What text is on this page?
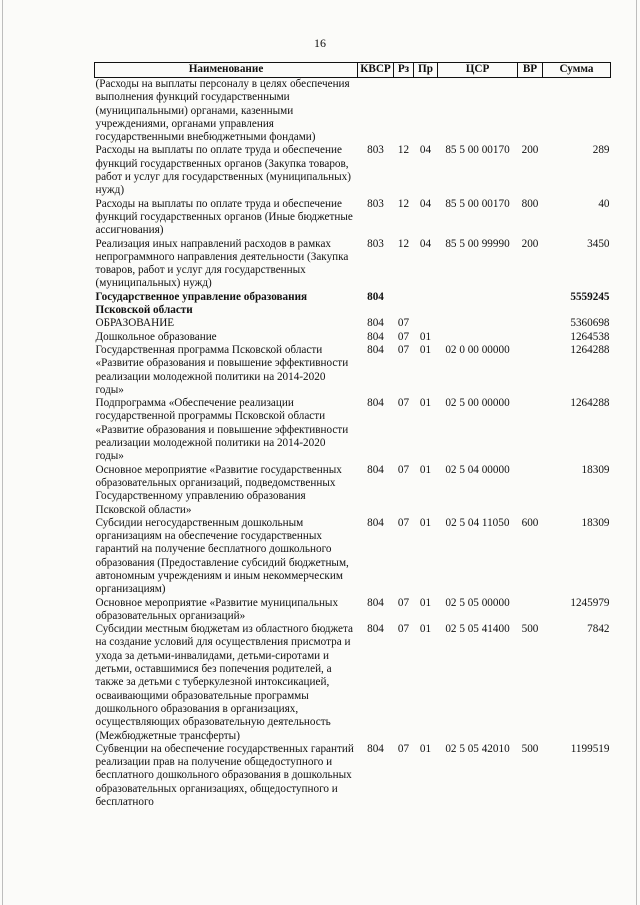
16
Наименование	КВСР	Рз	Пр	ЦСР	ВР	Сумма
(Расходы на выплаты персоналу в целях обеспечения выполнения функций государственными (муниципальными) органами, казенными учреждениями, органами управления государственными внебюджетными фондами)						
Расходы на выплаты по оплате труда и обеспечение функций государственных органов (Закупка товаров, работ и услуг для государственных (муниципальных) нужд)	803	12	04	85 5 00 00170	200	289
Расходы на выплаты по оплате труда и обеспечение функций государственных органов (Иные бюджетные ассигнования)	803	12	04	85 5 00 00170	800	40
Реализация иных направлений расходов в рамках непрограммного направления деятельности (Закупка товаров, работ и услуг для государственных (муниципальных) нужд)	803	12	04	85 5 00 99990	200	3450
Государственное управление образования Псковской области	804					5559245
ОБРАЗОВАНИЕ	804	07				5360698
Дошкольное образование	804	07	01			1264538
Государственная программа Псковской области «Развитие образования и повышение эффективности реализации молодежной политики на 2014-2020 годы»	804	07	01	02 0 00 00000		1264288
Подпрограмма «Обеспечение реализации государственной программы Псковской области «Развитие образования и повышение эффективности реализации молодежной политики на 2014-2020 годы»	804	07	01	02 5 00 00000		1264288
Основное мероприятие «Развитие государственных образовательных организаций, подведомственных Государственному управлению образования Псковской области»	804	07	01	02 5 04 00000		18309
Субсидии негосударственным дошкольным организациям на обеспечение государственных гарантий на получение бесплатного дошкольного образования (Предоставление субсидий бюджетным, автономным учреждениям и иным некоммерческим организациям)	804	07	01	02 5 04 11050	600	18309
Основное мероприятие «Развитие муниципальных образовательных организаций»	804	07	01	02 5 05 00000		1245979
Субсидии местным бюджетам из областного бюджета на создание условий для осуществления присмотра и ухода за детьми-инвалидами, детьми-сиротами и детьми, оставшимися без попечения родителей, а также за детьми с туберкулезной интоксикацией, осваивающими образовательные программы дошкольного образования в организациях, осуществляющих образовательную деятельность (Межбюджетные трансферты)	804	07	01	02 5 05 41400	500	7842
Субвенции на обеспечение государственных гарантий реализации прав на получение общедоступного и бесплатного дошкольного образования в дошкольных образовательных организациях, общедоступного и бесплатного	804	07	01	02 5 05 42010	500	1199519
